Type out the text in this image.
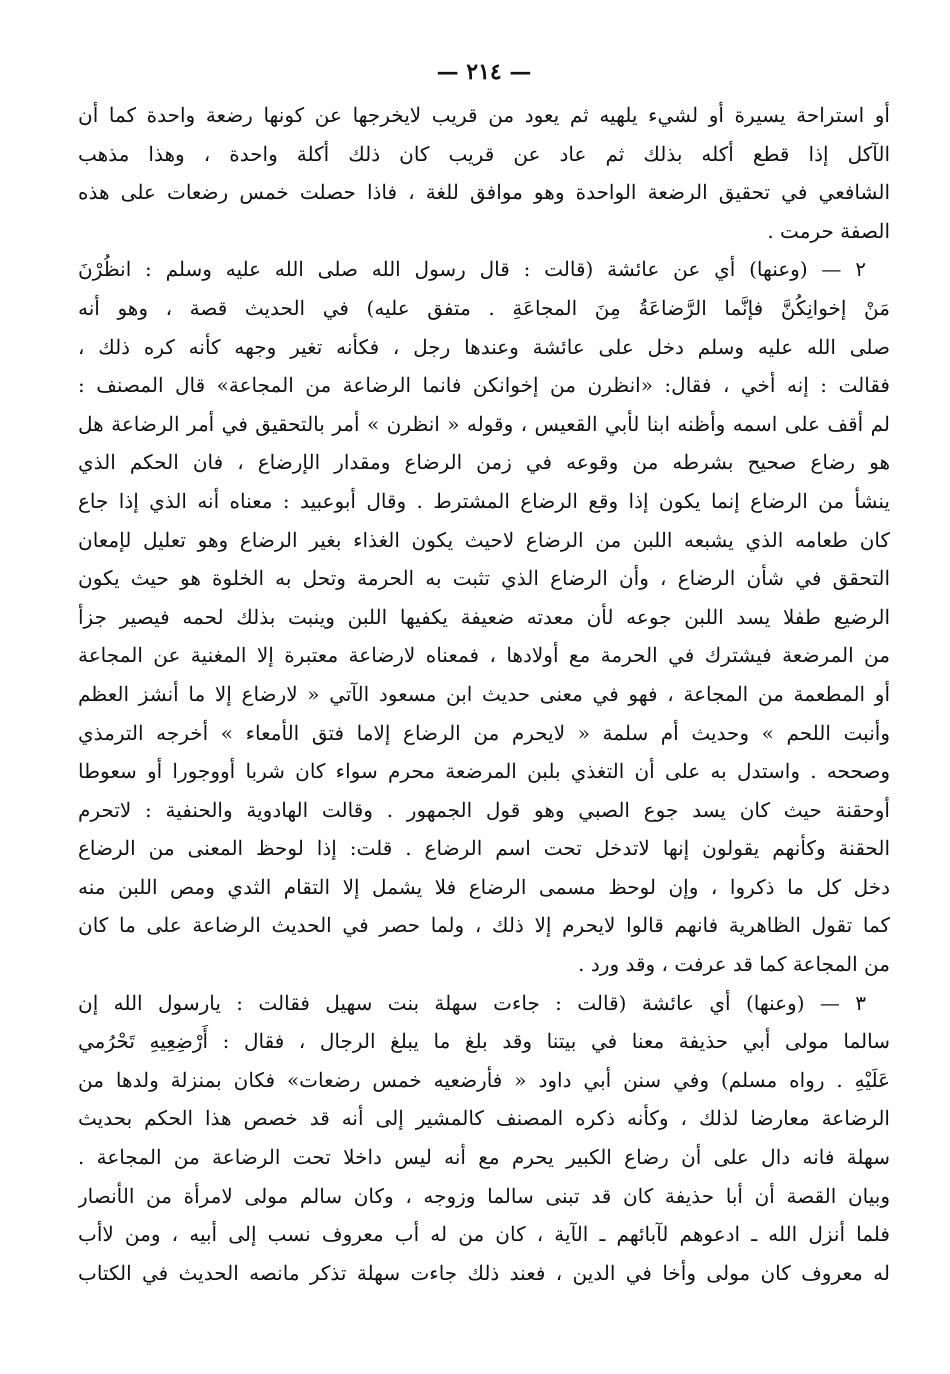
— ٢١٤ —
أو استراحة يسيرة أو لشيء يلهيه ثم يعود من قريب لايخرجها عن كونها رضعة واحدة كما أن
الآكل إذا قطع أكله بذلك ثم عاد عن قريب كان ذلك أكلة واحدة ، وهذا مذهب
الشافعي في تحقيق الرضعة الواحدة وهو موافق للغة ، فاذا حصلت خمس رضعات على هذه
الصفة حرمت .
٢ — (وعنها) أي عن عائشة (قالت : قال رسول الله صلى الله عليه وسلم : انظُرْنَ
مَنْ إخوانِكُنَّ فإنَّما الرَّضاعَةُ مِنَ المجاعَةِ . متفق عليه) في الحديث قصة ، وهو أنه
صلى الله عليه وسلم دخل على عائشة وعندها رجل ، فكأنه تغير وجهه كأنه كره ذلك ،
فقالت : إنه أخي ، فقال: «انظرن من إخوانكن فانما الرضاعة من المجاعة» قال المصنف :
لم أقف على اسمه وأظنه ابنا لأبي القعيس ، وقوله « انظرن » أمر بالتحقيق في أمر الرضاعة هل
هو رضاع صحيح بشرطه من وقوعه في زمن الرضاع ومقدار الإرضاع ، فان الحكم الذي
ينشأ من الرضاع إنما يكون إذا وقع الرضاع المشترط . وقال أبوعبيد : معناه أنه الذي إذا جاع
كان طعامه الذي يشبعه اللبن من الرضاع لاحيث يكون الغذاء بغير الرضاع وهو تعليل لإمعان
التحقق في شأن الرضاع ، وأن الرضاع الذي تثبت به الحرمة وتحل به الخلوة هو حيث يكون
الرضيع طفلا يسد اللبن جوعه لأن معدته ضعيفة يكفيها اللبن وينبت بذلك لحمه فيصير جزأ
من المرضعة فيشترك في الحرمة مع أولادها ، فمعناه لارضاعة معتبرة إلا المغنية عن المجاعة
أو المطعمة من المجاعة ، فهو في معنى حديث ابن مسعود الآتي « لارضاع إلا ما أنشز العظم
وأنبت اللحم » وحديث أم سلمة « لايحرم من الرضاع إلاما فتق الأمعاء » أخرجه الترمذي
وصححه . واستدل به على أن التغذي بلبن المرضعة محرم سواء كان شربا أووجورا أو سعوطا
أوحقنة حيث كان يسد جوع الصبي وهو قول الجمهور . وقالت الهادوية والحنفية : لاتحرم
الحقنة وكأنهم يقولون إنها لاتدخل تحت اسم الرضاع . قلت: إذا لوحظ المعنى من الرضاع
دخل كل ما ذكروا ، وإن لوحظ مسمى الرضاع فلا يشمل إلا التقام الثدي ومص اللبن منه
كما تقول الظاهرية فانهم قالوا لايحرم إلا ذلك ، ولما حصر في الحديث الرضاعة على ما كان
من المجاعة كما قد عرفت ، وقد ورد .
٣ — (وعنها) أي عائشة (قالت : جاءت سهلة بنت سهيل فقالت : يارسول الله إن
سالما مولى أبي حذيفة معنا في بيتنا وقد بلغ ما يبلغ الرجال ، فقال : أَرْضِعِيهِ تَحْرُمي
عَلَيْهِ . رواه مسلم) وفي سنن أبي داود « فأرضعيه خمس رضعات» فكان بمنزلة ولدها من
الرضاعة معارضا لذلك ، وكأنه ذكره المصنف كالمشير إلى أنه قد خصص هذا الحكم بحديث
سهلة فانه دال على أن رضاع الكبير يحرم مع أنه ليس داخلا تحت الرضاعة من المجاعة .
وبيان القصة أن أبا حذيفة كان قد تبنى سالما وزوجه ، وكان سالم مولى لامرأة من الأنصار
فلما أنزل الله ـ ادعوهم لآبائهم ـ الآية ، كان من له أب معروف نسب إلى أبيه ، ومن لاأب
له معروف كان مولى وأخا في الدين ، فعند ذلك جاءت سهلة تذكر مانصه الحديث في الكتاب
